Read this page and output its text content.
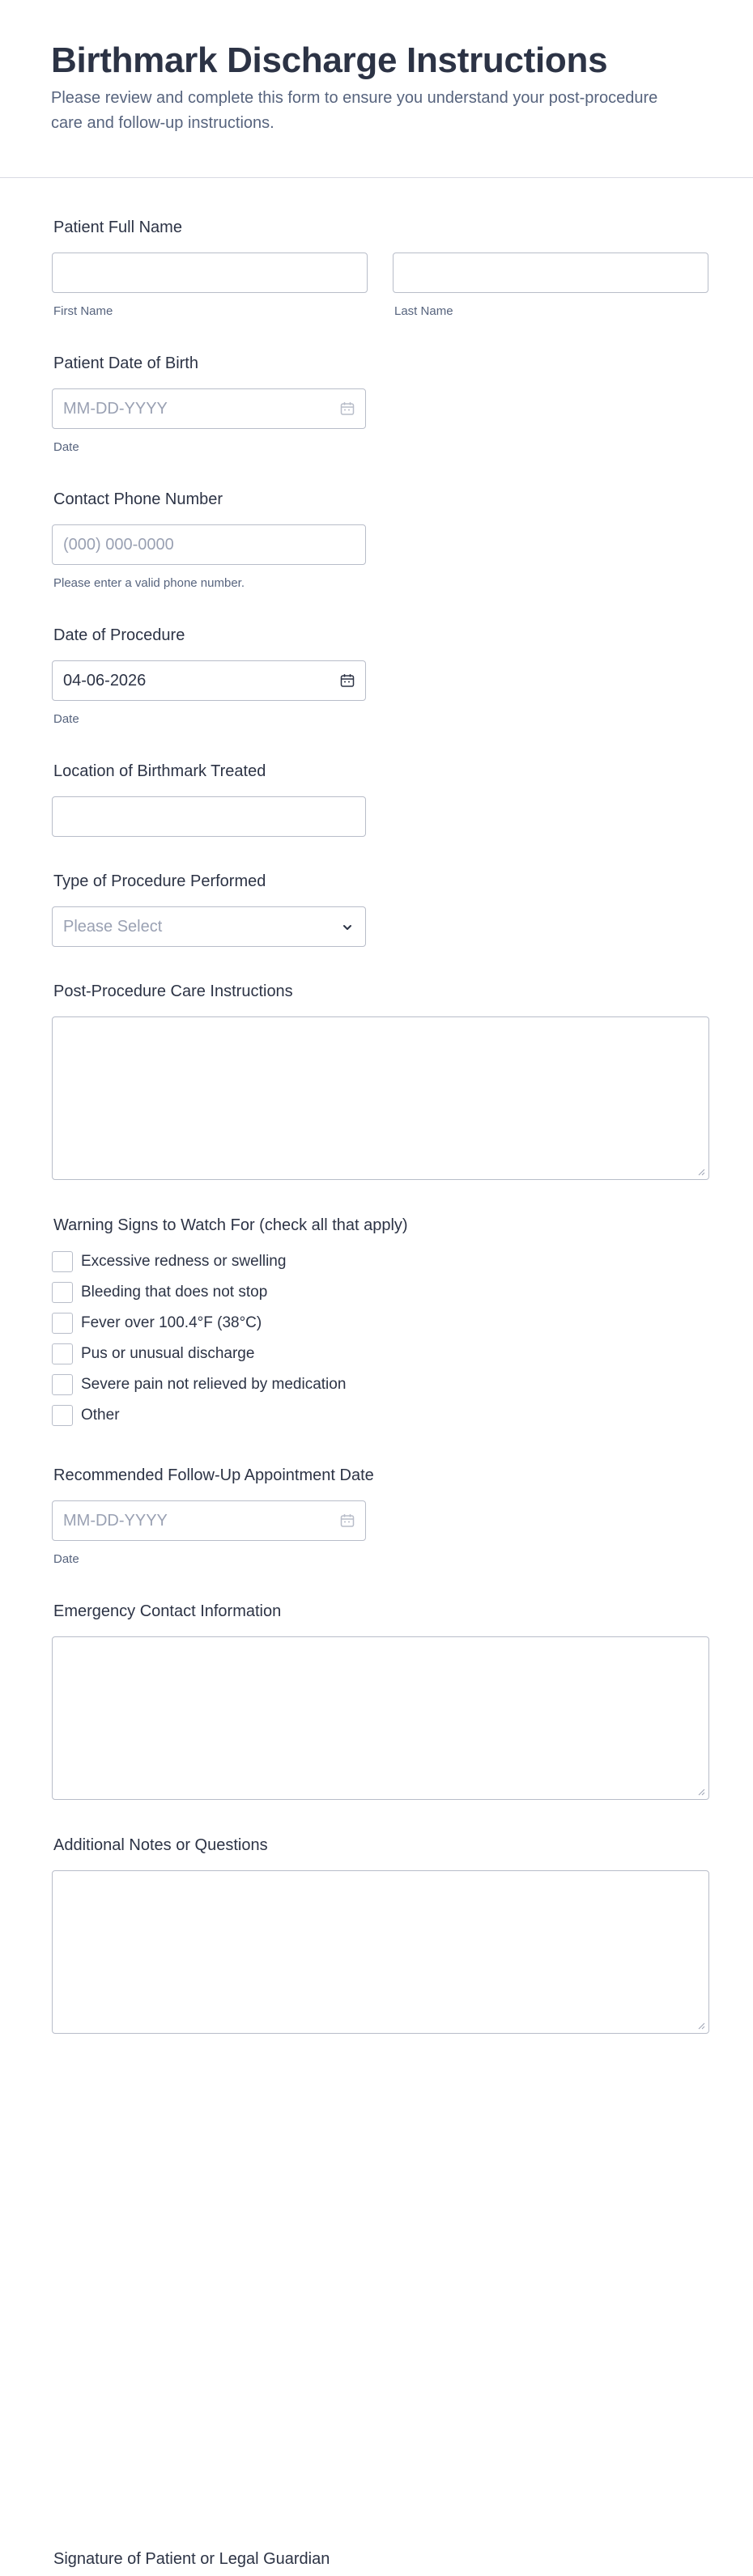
Birthmark Discharge Instructions
Please review and complete this form to ensure you understand your post-procedure care and follow-up instructions.
Patient Full Name
First Name	Last Name
Patient Date of Birth
MM-DD-YYYY
Date
Contact Phone Number
(000) 000-0000
Please enter a valid phone number.
Date of Procedure
04-06-2026
Date
Location of Birthmark Treated
Type of Procedure Performed
Please Select
Post-Procedure Care Instructions
Warning Signs to Watch For (check all that apply)
Excessive redness or swelling
Bleeding that does not stop
Fever over 100.4°F (38°C)
Pus or unusual discharge
Severe pain not relieved by medication
Other
Recommended Follow-Up Appointment Date
MM-DD-YYYY
Date
Emergency Contact Information
Additional Notes or Questions
Signature of Patient or Legal Guardian
